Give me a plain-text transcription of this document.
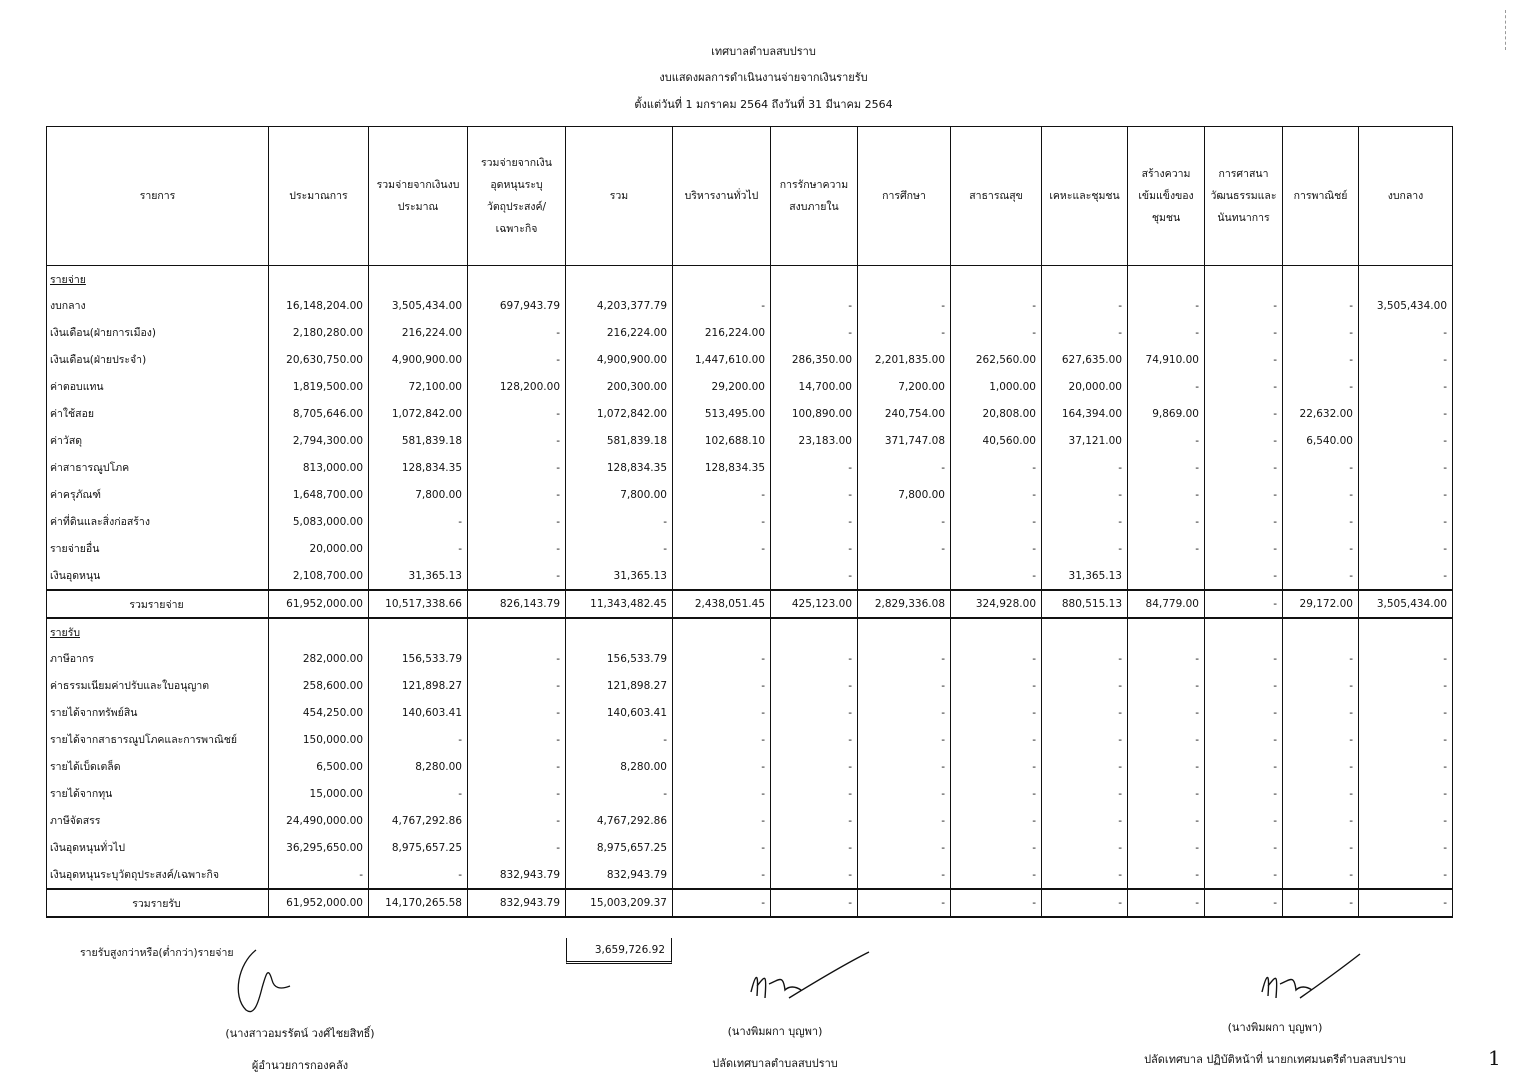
เทศบาลตำบลสบปราบ
งบแสดงผลการดำเนินงานจ่ายจากเงินรายรับ
ตั้งแต่วันที่ 1 มกราคม 2564 ถึงวันที่ 31 มีนาคม 2564
รายการ	ประมาณการ	รวมจ่ายจากเงินงบประมาณ	รวมจ่ายจากเงินอุดหนุนระบุวัตถุประสงค์/เฉพาะกิจ	รวม	บริหารงานทั่วไป	การรักษาความสงบภายใน	การศึกษา	สาธารณสุข	เคหะและชุมชน	สร้างความเข้มแข็งของชุมชน	การศาสนาวัฒนธรรมและนันทนาการ	การพาณิชย์	งบกลาง
รายจ่าย													
งบกลาง	16,148,204.00	3,505,434.00	697,943.79	4,203,377.79	-	-	-	-	-	-	-	-	3,505,434.00
เงินเดือน(ฝ่ายการเมือง)	2,180,280.00	216,224.00	-	216,224.00	216,224.00	-	-	-	-	-	-	-	-
เงินเดือน(ฝ่ายประจำ)	20,630,750.00	4,900,900.00	-	4,900,900.00	1,447,610.00	286,350.00	2,201,835.00	262,560.00	627,635.00	74,910.00	-	-	-
ค่าตอบแทน	1,819,500.00	72,100.00	128,200.00	200,300.00	29,200.00	14,700.00	7,200.00	1,000.00	20,000.00	-	-	-	-
ค่าใช้สอย	8,705,646.00	1,072,842.00	-	1,072,842.00	513,495.00	100,890.00	240,754.00	20,808.00	164,394.00	9,869.00	-	22,632.00	-
ค่าวัสดุ	2,794,300.00	581,839.18	-	581,839.18	102,688.10	23,183.00	371,747.08	40,560.00	37,121.00	-	-	6,540.00	-
ค่าสาธารณูปโภค	813,000.00	128,834.35	-	128,834.35	128,834.35	-	-	-	-	-	-	-	-
ค่าครุภัณฑ์	1,648,700.00	7,800.00	-	7,800.00	-	-	7,800.00	-	-	-	-	-	-
ค่าที่ดินและสิ่งก่อสร้าง	5,083,000.00	-	-	-	-	-	-	-	-	-	-	-	-
รายจ่ายอื่น	20,000.00	-	-	-	-	-	-	-	-	-	-	-	-
เงินอุดหนุน	2,108,700.00	31,365.13	-	31,365.13		-		-	31,365.13		-	-	-
รวมรายจ่าย	61,952,000.00	10,517,338.66	826,143.79	11,343,482.45	2,438,051.45	425,123.00	2,829,336.08	324,928.00	880,515.13	84,779.00	-	29,172.00	3,505,434.00
รายรับ													
ภาษีอากร	282,000.00	156,533.79	-	156,533.79	-	-	-	-	-	-	-	-	-
ค่าธรรมเนียมค่าปรับและใบอนุญาต	258,600.00	121,898.27	-	121,898.27	-	-	-	-	-	-	-	-	-
รายได้จากทรัพย์สิน	454,250.00	140,603.41	-	140,603.41	-	-	-	-	-	-	-	-	-
รายได้จากสาธารณูปโภคและการพาณิชย์	150,000.00	-	-	-	-	-	-	-	-	-	-	-	-
รายได้เบ็ดเตล็ด	6,500.00	8,280.00	-	8,280.00	-	-	-	-	-	-	-	-	-
รายได้จากทุน	15,000.00	-	-	-	-	-	-	-	-	-	-	-	-
ภาษีจัดสรร	24,490,000.00	4,767,292.86	-	4,767,292.86	-	-	-	-	-	-	-	-	-
เงินอุดหนุนทั่วไป	36,295,650.00	8,975,657.25	-	8,975,657.25	-	-	-	-	-	-	-	-	-
เงินอุดหนุนระบุวัตถุประสงค์/เฉพาะกิจ	-	-	832,943.79	832,943.79	-	-	-	-	-	-	-	-	-
รวมรายรับ	61,952,000.00	14,170,265.58	832,943.79	15,003,209.37	-	-	-	-	-	-	-	-	-
รายรับสูงกว่าหรือ(ต่ำกว่า)รายจ่าย	3,659,726.92
(นางสาวอมรรัตน์ วงศ์ไชยสิทธิ์)
ผู้อำนวยการกองคลัง
(นางพิมผกา บุญพา)
ปลัดเทศบาลตำบลสบปราบ
(นางพิมผกา บุญพา)
ปลัดเทศบาล ปฏิบัติหน้าที่ นายกเทศมนตรีตำบลสบปราบ	1
